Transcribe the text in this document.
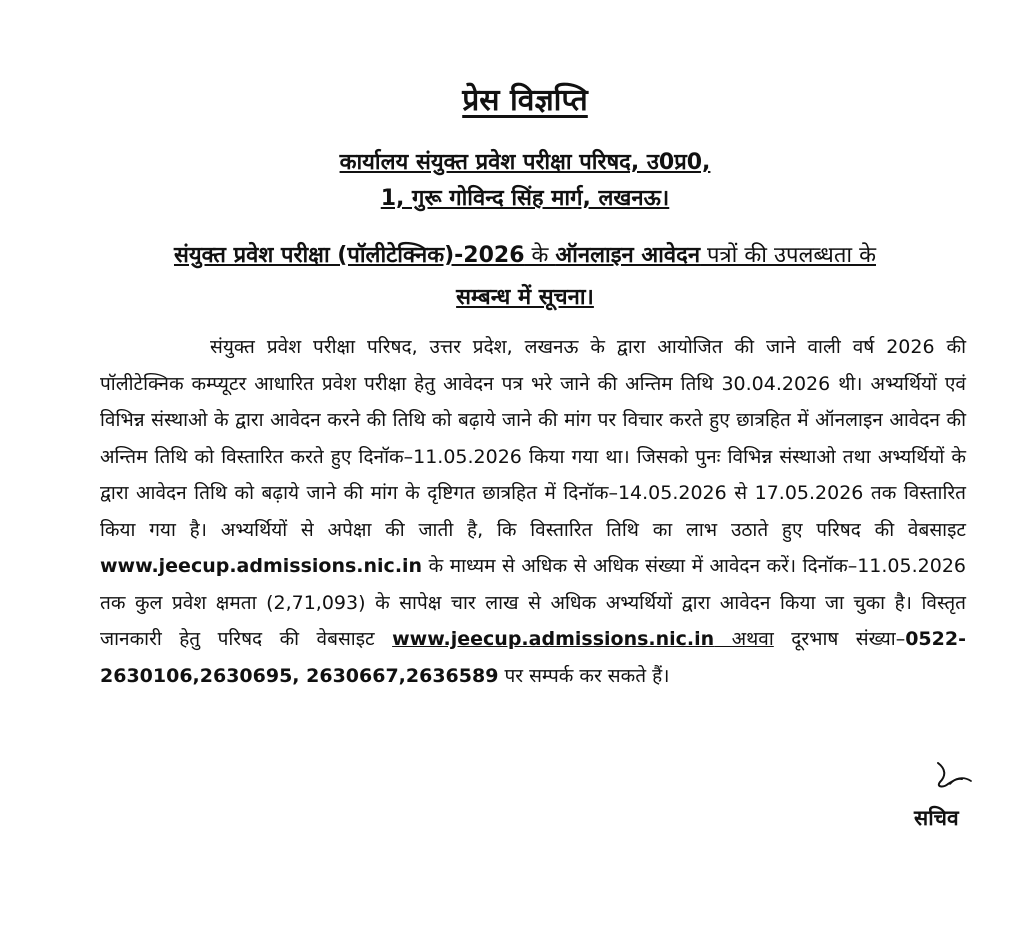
प्रेस विज्ञप्ति
कार्यालय संयुक्त प्रवेश परीक्षा परिषद, उ0प्र0,
1, गुरू गोविन्द सिंह मार्ग, लखनऊ।
संयुक्त प्रवेश परीक्षा (पॉलीटेक्निक)-2026 के ऑनलाइन आवेदन पत्रों की उपलब्धता के
सम्बन्ध में सूचना।

संयुक्त प्रवेश परीक्षा परिषद, उत्तर प्रदेश, लखनऊ के द्वारा आयोजित की जाने वाली वर्ष 2026 की पॉलीटेक्निक कम्प्यूटर आधारित प्रवेश परीक्षा हेतु आवेदन पत्र भरे जाने की अन्तिम तिथि 30.04.2026 थी। अभ्यर्थियों एवं विभिन्न संस्थाओ के द्वारा आवेदन करने की तिथि को बढ़ाये जाने की मांग पर विचार करते हुए छात्रहित में ऑनलाइन आवेदन की अन्तिम तिथि को विस्तारित करते हुए दिनॉक–11.05.2026 किया गया था। जिसको पुनः विभिन्न संस्थाओ तथा अभ्यर्थियों के द्वारा आवेदन तिथि को बढ़ाये जाने की मांग के दृष्टिगत छात्रहित में दिनॉक–14.05.2026 से 17.05.2026 तक विस्तारित किया गया है। अभ्यर्थियों से अपेक्षा की जाती है, कि विस्तारित तिथि का लाभ उठाते हुए परिषद की वेबसाइट www.jeecup.admissions.nic.in के माध्यम से अधिक से अधिक संख्या में आवेदन करें। दिनॉक–11.05.2026 तक कुल प्रवेश क्षमता (2,71,093) के सापेक्ष चार लाख से अधिक अभ्यर्थियों द्वारा आवेदन किया जा चुका है। विस्तृत जानकारी हेतु परिषद की वेबसाइट www.jeecup.admissions.nic.in अथवा दूरभाष संख्या–0522-2630106,2630695, 2630667,2636589 पर सम्पर्क कर सकते हैं।

सचिव
